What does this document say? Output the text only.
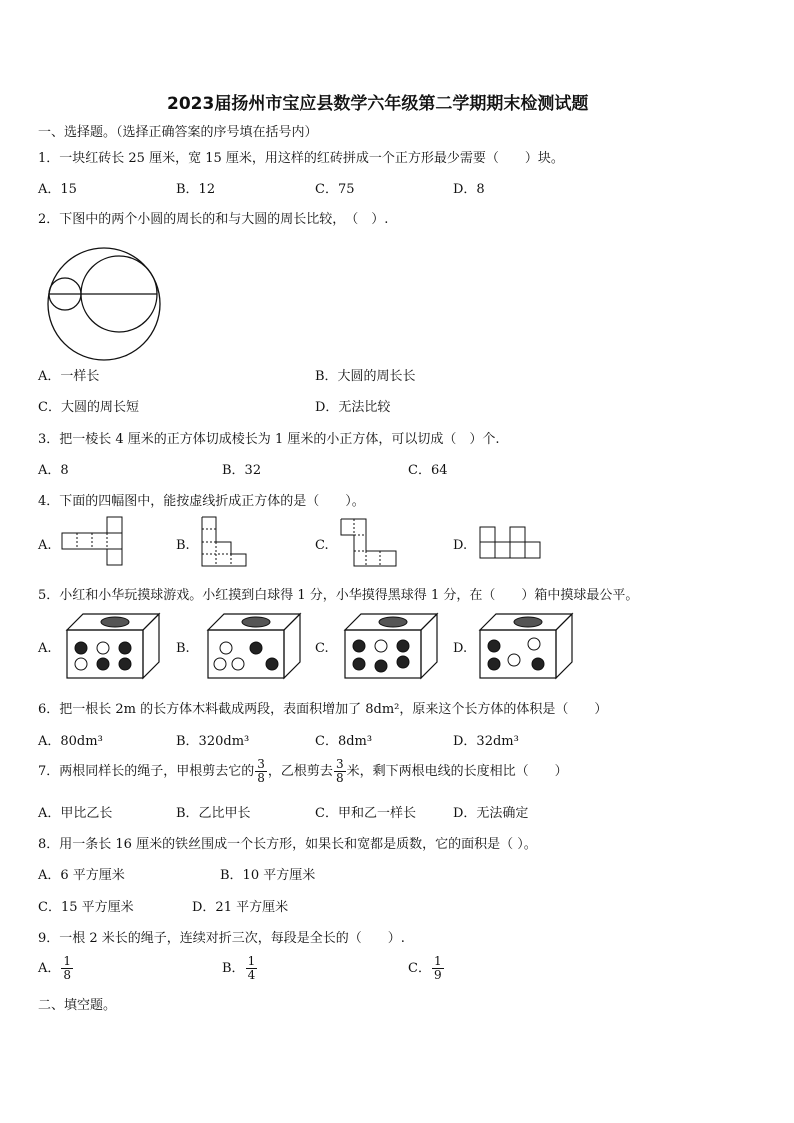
2023届扬州市宝应县数学六年级第二学期期末检测试题
一、选择题。（选择正确答案的序号填在括号内）
1．一块红砖长 25 厘米，宽 15 厘米，用这样的红砖拼成一个正方形最少需要（　　）块。
A．15	B．12	C．75	D．8
2．下图中的两个小圆的周长的和与大圆的周长比较，　（　）.
A．一样长	B．大圆的周长长
C．大圆的周长短	D．无法比较
3．把一棱长 4 厘米的正方体切成棱长为 1 厘米的小正方体，可以切成（　）个.
A．8	B．32	C．64
4．下面的四幅图中，能按虚线折成正方体的是（　　）。
A.	B.	C.	D.
5．小红和小华玩摸球游戏。小红摸到白球得 1 分，小华摸得黑球得 1 分，在（　　）箱中摸球最公平。
A.	B.	C.	D.
6．把一根长 2m 的长方体木料截成两段，表面积增加了 8dm²，原来这个长方体的体积是（　　）
A．80dm³	B．320dm³	C．8dm³	D．32dm³
7．两根同样长的绳子，甲根剪去它的 $\frac{3}{8}$ ，乙根剪去 $\frac{3}{8}$ 米，剩下两根电线的长度相比（　　）
A．甲比乙长	B．乙比甲长	C．甲和乙一样长	D．无法确定
8．用一条长 16 厘米的铁丝围成一个长方形，如果长和宽都是质数，它的面积是（ ）。
A．6 平方厘米	B．10 平方厘米
C．15 平方厘米	D．21 平方厘米
9．一根 2 米长的绳子，连续对折三次，每段是全长的（　　）.
A． $\frac{1}{8}$	B． $\frac{1}{4}$	C． $\frac{1}{9}$
二、填空题。
